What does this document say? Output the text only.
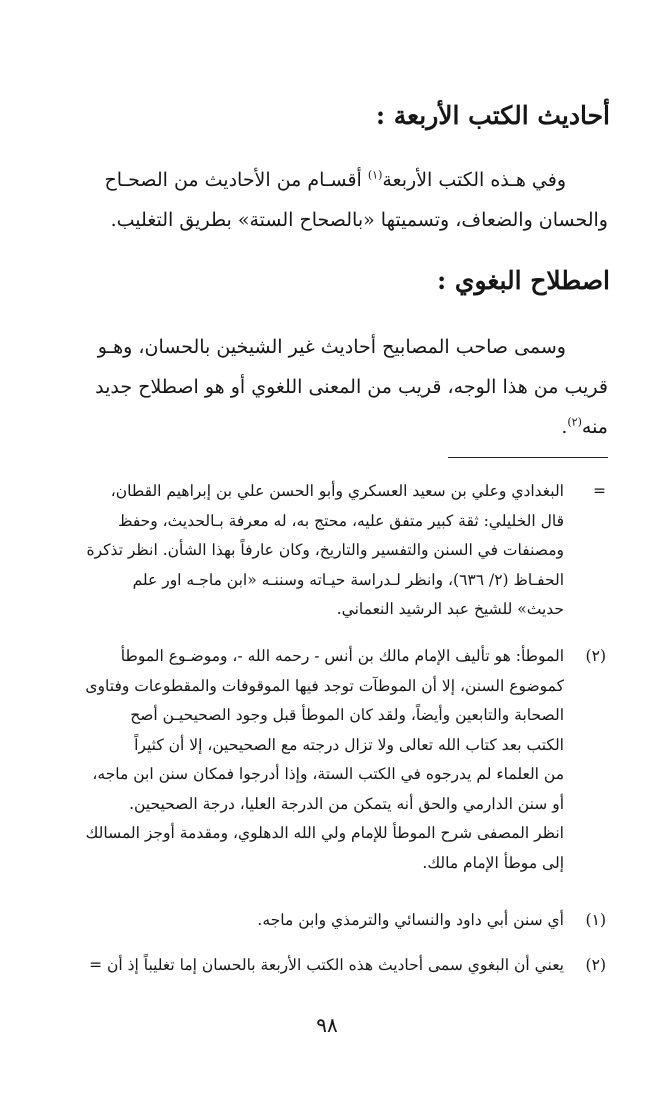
أحاديث الكتب الأربعة :
وفي هـذه الكتب الأربعة$^{(١)}$ أقسـام من الأحاديث من الصحـاح
والحسان والضعاف، وتسميتها «بالصحاح الستة» بطريق التغليب.
اصطلاح البغوي :
وسمى صاحب المصابيح أحاديث غير الشيخين بالحسان، وهـو
قريب من هذا الوجه، قريب من المعنى اللغوي أو هو اصطلاح جديد
منه$^{(٢)}$.
=
البغدادي وعلي بن سعيد العسكري وأبو الحسن علي بن إبراهيم القطان،
قال الخليلي: ثقة كبير متفق عليه، محتج به، له معرفة بـالحديث، وحفظ
ومصنفات في السنن والتفسير والتاريخ، وكان عارفاً بهذا الشأن. انظر تذكرة
الحفـاظ (٢/ ٦٣٦)، وانظر لـدراسة حيـاته وسننـه «ابن ماجـه اور علم
حديث» للشيخ عبد الرشيد النعماني.
(٢)
الموطأ: هو تأليف الإمام مالك بن أنس - رحمه الله -، وموضـوع الموطأ
كموضوع السنن، إلا أن الموطآت توجد فيها الموقوفات والمقطوعات وفتاوى
الصحابة والتابعين وأيضاً، ولقد كان الموطأ قبل وجود الصحيحيـن أصح
الكتب بعد كتاب الله تعالى ولا تزال درجته مع الصحيحين، إلا أن كثيراً
من العلماء لم يدرجوه في الكتب الستة، وإذا أدرجوا فمكان سنن ابن ماجه،
أو سنن الدارمي والحق أنه يتمكن من الدرجة العليا، درجة الصحيحين.
انظر المصفى شرح الموطأ للإمام ولي الله الدهلوي، ومقدمة أوجز المسالك
إلى موطأ الإمام مالك.
(١)
أي سنن أبي داود والنسائي والترمذي وابن ماجه.
(٢)
يعني أن البغوي سمى أحاديث هذه الكتب الأربعة بالحسان إما تغليباً إذ أن =
٩٨
